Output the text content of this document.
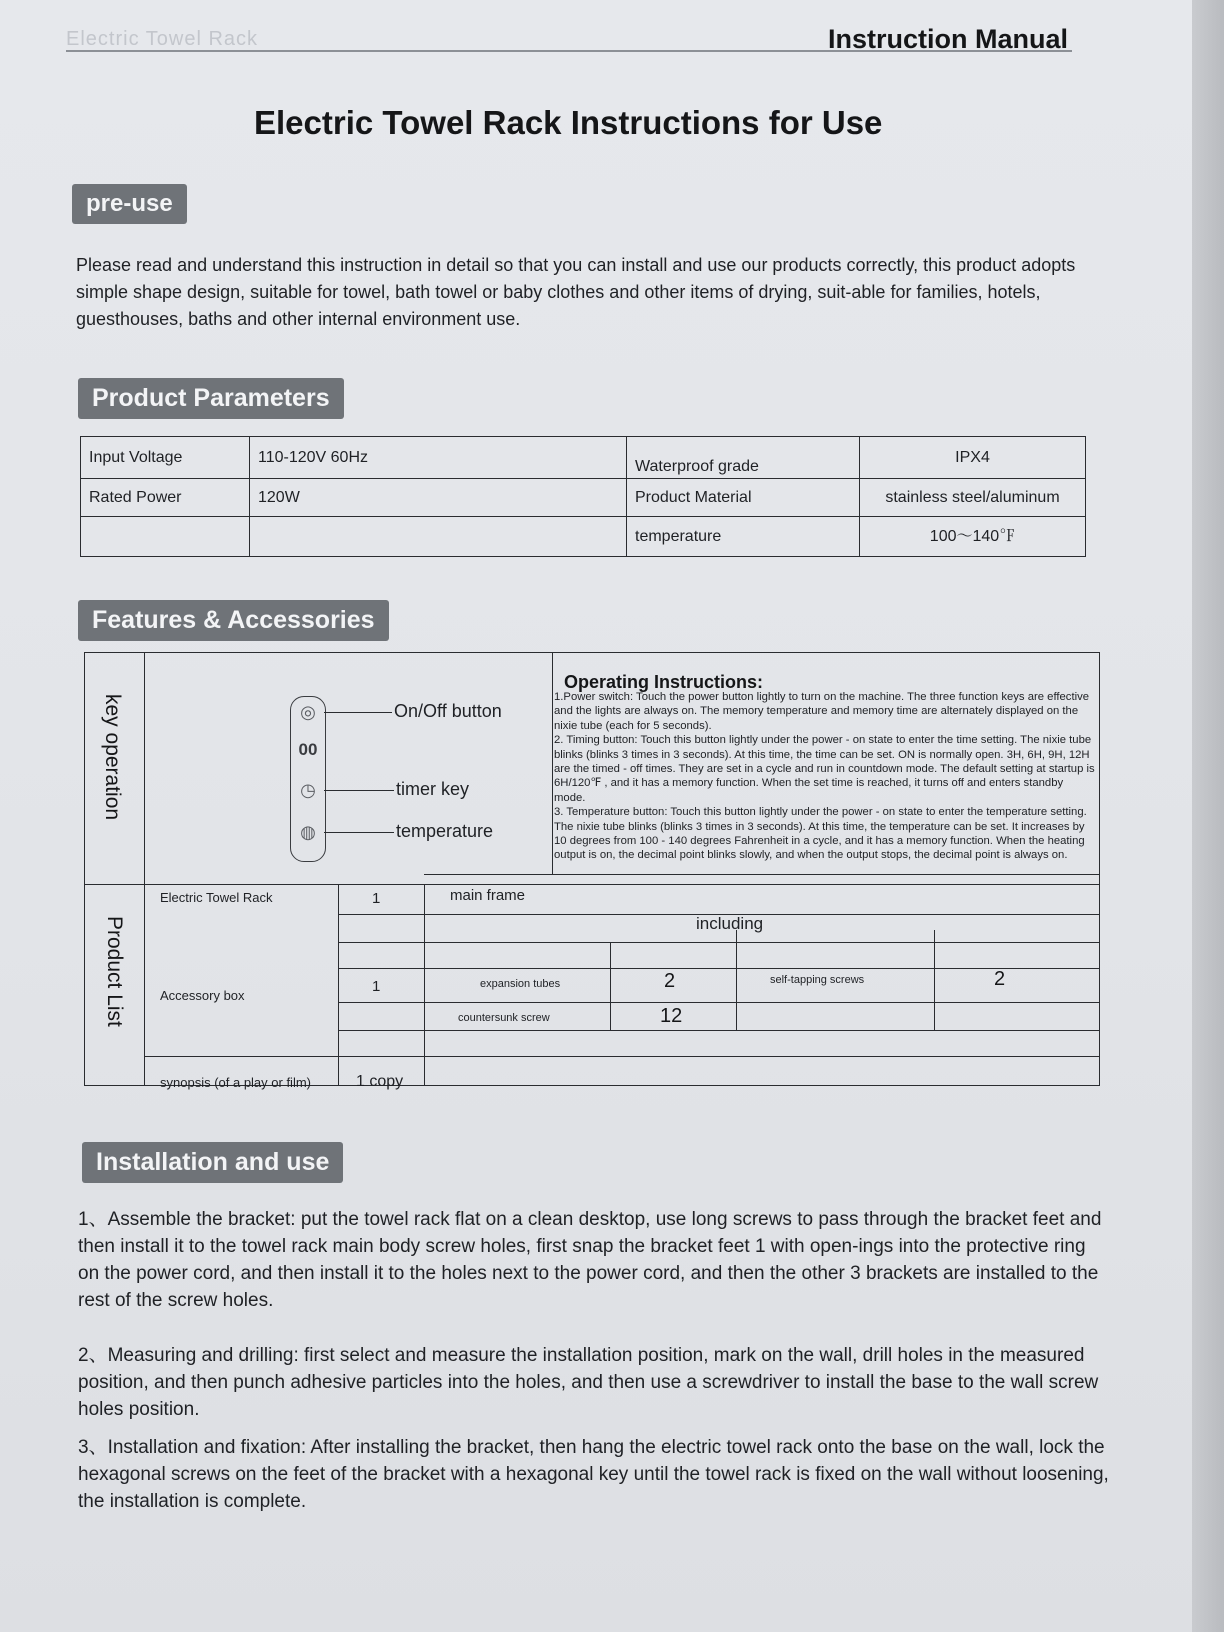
Electric Towel Rack	Instruction Manual
Electric Towel Rack Instructions for Use
pre-use
Please read and understand this instruction in detail so that you can install and use our products correctly, this product adopts simple shape design, suitable for towel, bath towel or baby clothes and other items of drying, suit-able for families, hotels, guesthouses, baths and other internal environment use.
Product Parameters
Input Voltage	110-120V 60Hz	Waterproof grade	IPX4
Rated Power	120W	Product Material	stainless steel/aluminum
		temperature	100～140℉
Features & Accessories
key operation
Product List
◎
00
◷
◍
On/Off button
timer key
temperature
Operating Instructions:
1.Power switch: Touch the power button lightly to turn on the machine. The three function keys are effective and the lights are always on. The memory temperature and memory time are alternately displayed on the nixie tube (each for 5 seconds).
2. Timing button: Touch this button lightly under the power - on state to enter the time setting. The nixie tube blinks (blinks 3 times in 3 seconds). At this time, the time can be set. ON is normally open. 3H, 6H, 9H, 12H are the timed - off times. They are set in a cycle and run in countdown mode. The default setting at startup is 6H/120℉ , and it has a memory function. When the set time is reached, it turns off and enters standby mode.
3. Temperature button: Touch this button lightly under the power - on state to enter the temperature setting. The nixie tube blinks (blinks 3 times in 3 seconds). At this time, the temperature can be set. It increases by 10 degrees from 100 - 140 degrees Fahrenheit in a cycle, and it has a memory function. When the heating output is on, the decimal point blinks slowly, and when the output stops, the decimal point is always on.
Electric Towel Rack	1	main frame
including
Accessory box
1	expansion tubes	2	self-tapping screws	2
countersunk screw	12
synopsis (of a play or film)	1 copy
Installation and use
1、Assemble the bracket: put the towel rack flat on a clean desktop, use long screws to pass through the bracket feet and then install it to the towel rack main body screw holes, first snap the bracket feet 1 with open-ings into the protective ring on the power cord, and then install it to the holes next to the power cord, and then the other 3 brackets are installed to the rest of the screw holes.
2、Measuring and drilling: first select and measure the installation position, mark on the wall, drill holes in the measured position, and then punch adhesive particles into the holes, and then use a screwdriver to install the base to the wall screw holes position.
3、Installation and fixation: After installing the bracket, then hang the electric towel rack onto the base on the wall, lock the hexagonal screws on the feet of the bracket with a hexagonal key until the towel rack is fixed on the wall without loosening, the installation is complete.
